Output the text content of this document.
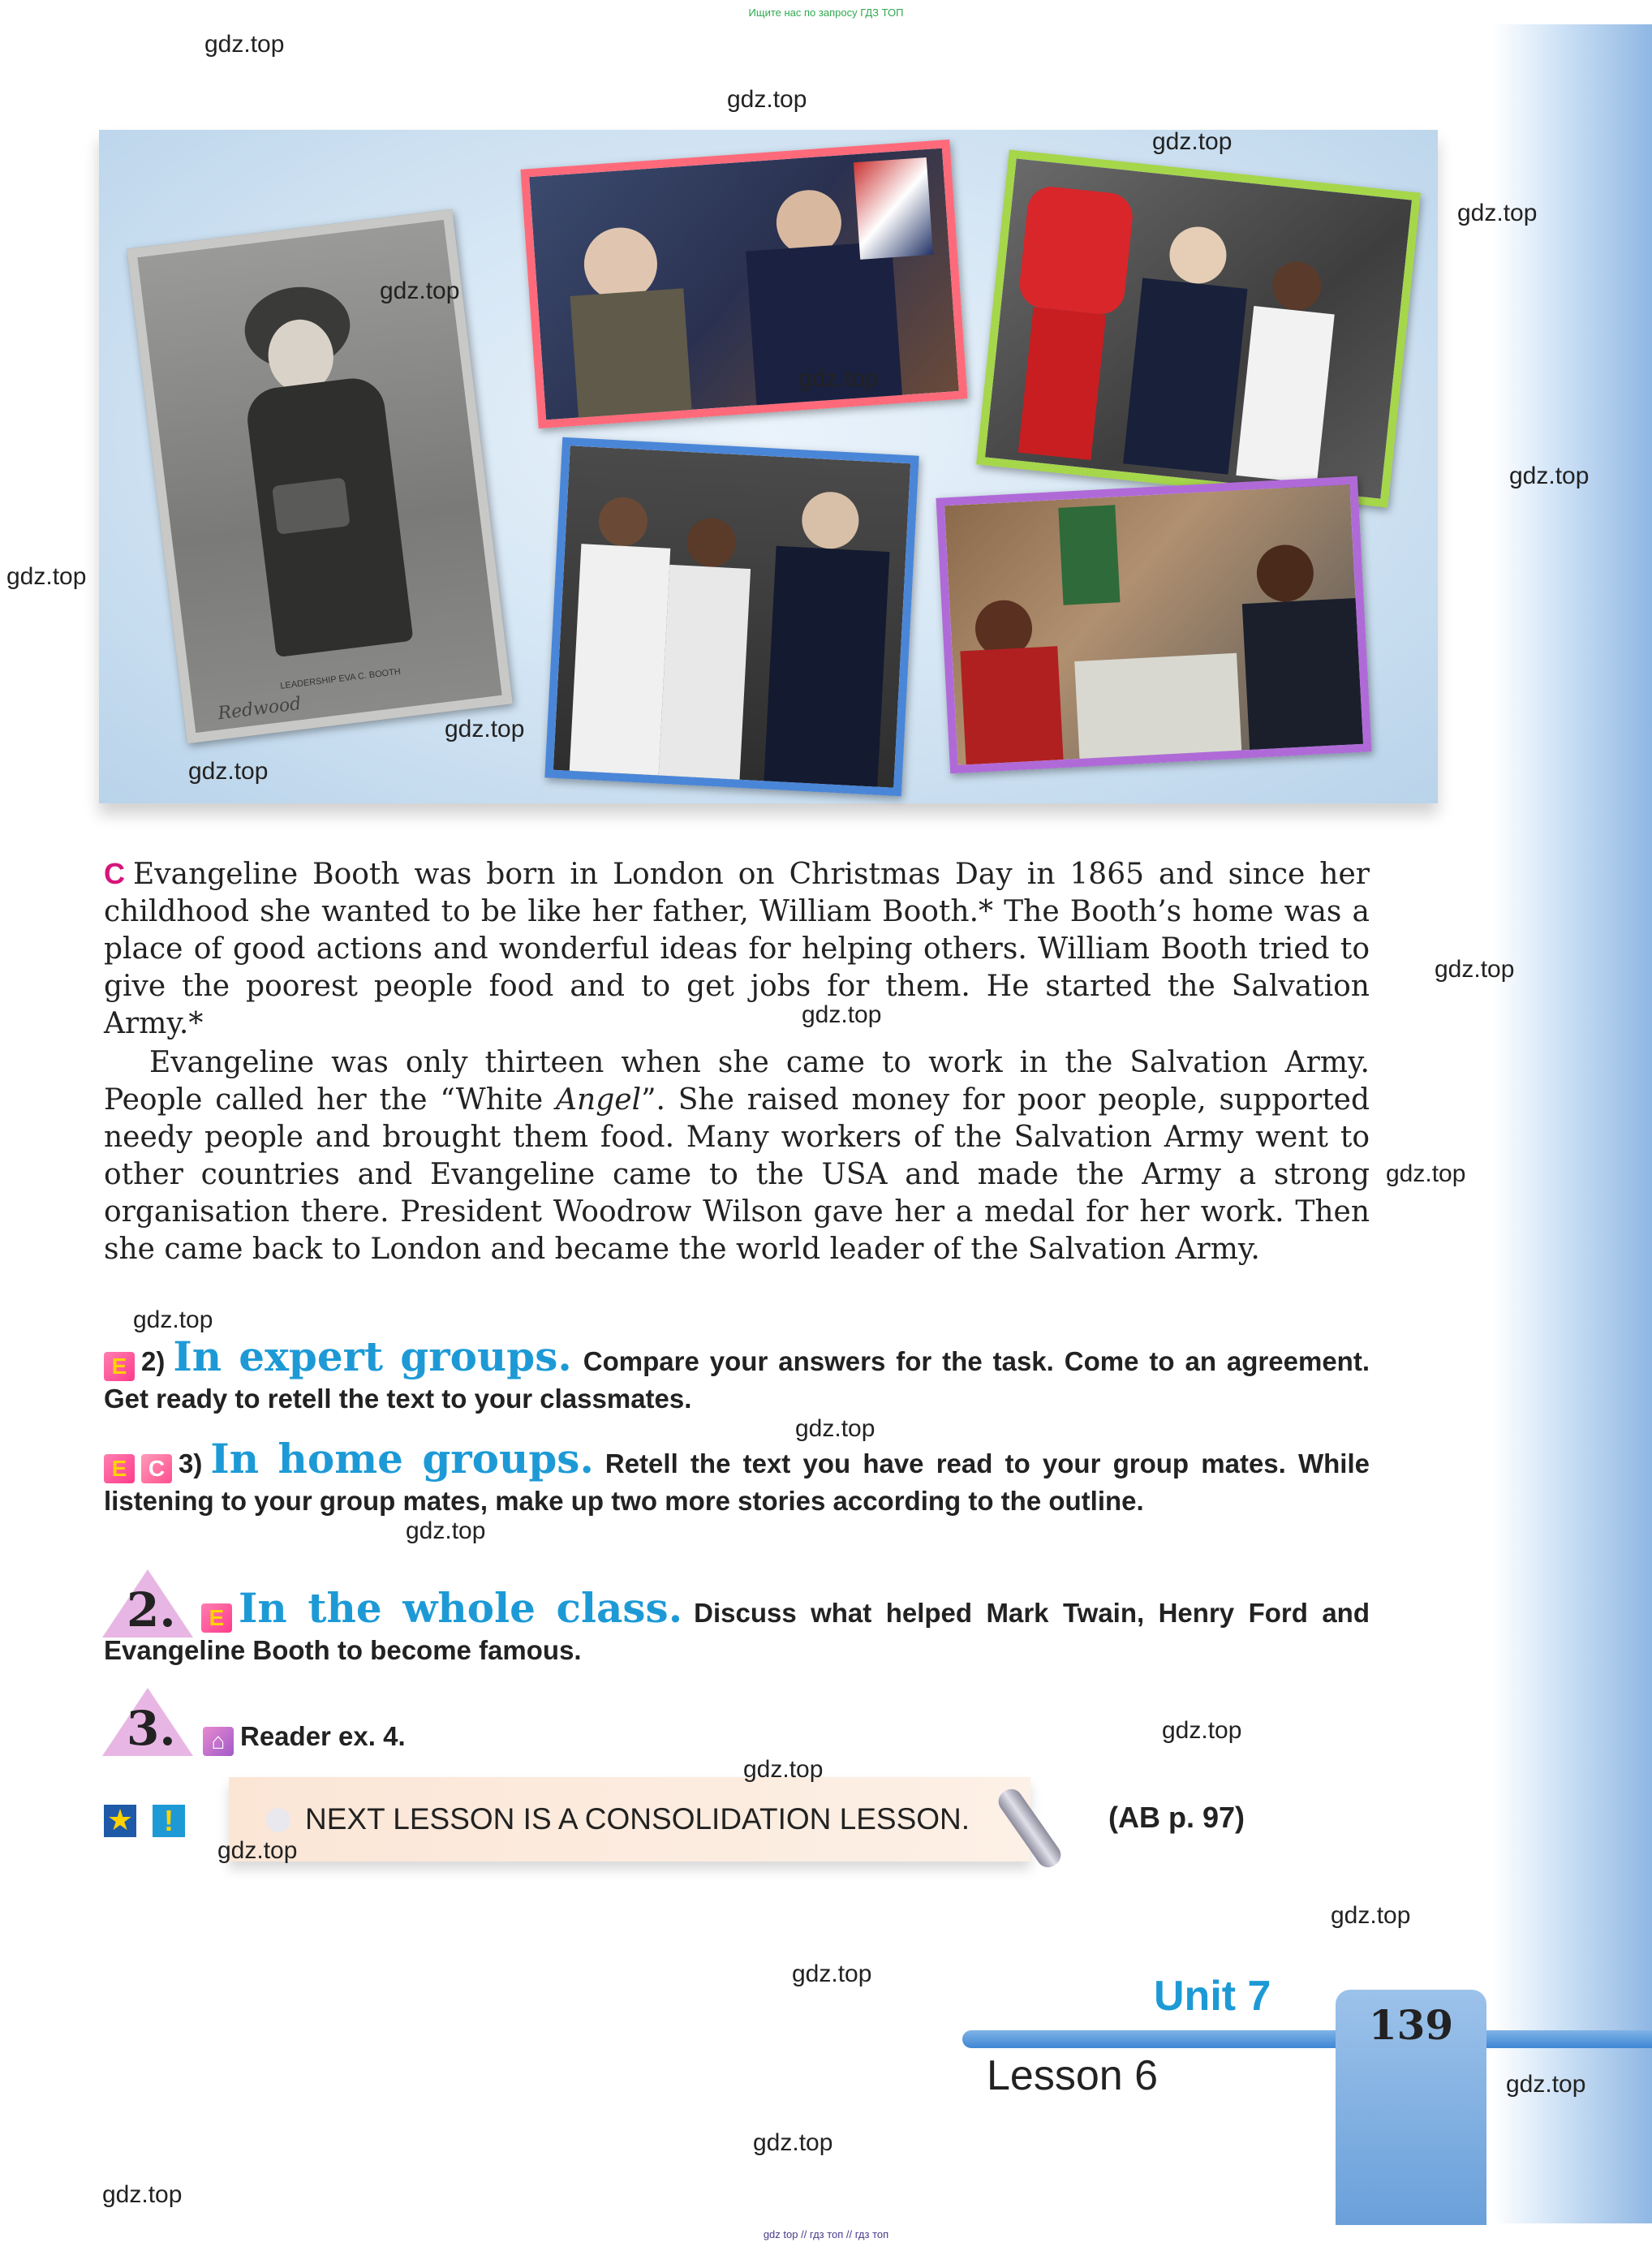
Ищите нас по запросу ГДЗ ТОП
LEADERSHIP EVA C. BOOTH
Redwood

C Evangeline Booth was born in London on Christmas Day in 1865 and since her childhood she wanted to be like her father, William Booth.* The Booth’s home was a place of good actions and wonderful ideas for helping others. William Booth tried to give the poorest people food and to get jobs for them. He started the Salvation Army.*

Evangeline was only thirteen when she came to work in the Salvation Army. People called her the “White Angel”. She raised money for poor people, supported needy people and brought them food. Many workers of the Salvation Army went to other countries and Evangeline came to the USA and made the Army a strong organisation there. President Woodrow Wilson gave her a medal for her work. Then she came back to London and became the world leader of the Salvation Army.

E 2) In expert groups. Compare your answers for the task. Come to an agreement. Get ready to retell the text to your classmates.
E C 3) In home groups. Retell the text you have read to your group mates. While listening to your group mates, make up two more stories according to the outline.
2.	E In the whole class. Discuss what helped Mark Twain, Henry Ford and Evangeline Booth to become famous.
3.	⌂ Reader ex. 4.
★	!	NEXT LESSON IS A CONSOLIDATION LESSON.	(AB p. 97)
Unit 7
Lesson 6
139
gdz.top
gdz.top
gdz.top
gdz.top
gdz.top
gdz.top
gdz.top
gdz.top
gdz.top
gdz.top
gdz.top
gdz.top
gdz.top
gdz.top
gdz.top
gdz.top
gdz.top
gdz.top
gdz.top
gdz.top
gdz.top
gdz.top
gdz.top
gdz.top
gdz top // гдз топ // гдз топ
